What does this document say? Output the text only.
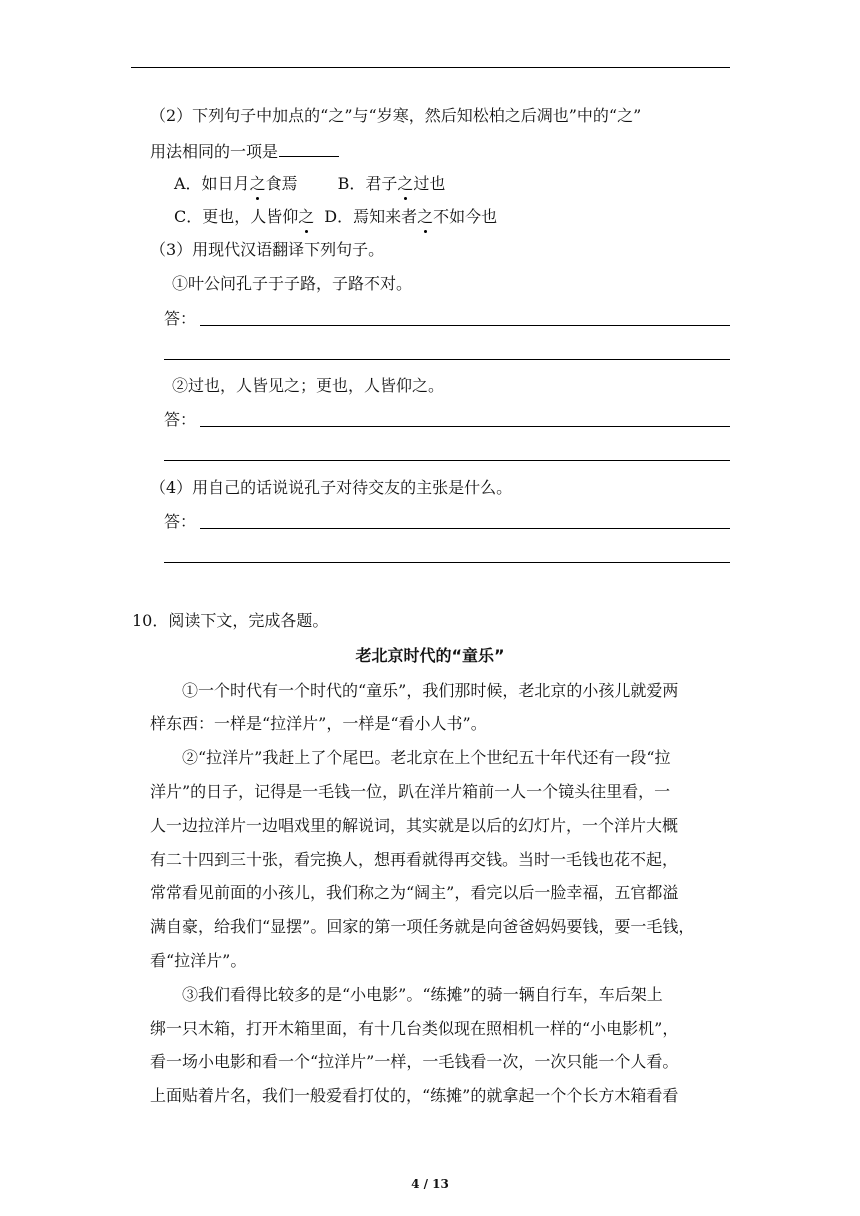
（2）下列句子中加点的“之”与“岁寒，然后知松柏之后凋也”中的“之”
用法相同的一项是
A．如日月之食焉	B．君子之过也
C．更也，人皆仰之 D．焉知来者之不如今也
（3）用现代汉语翻译下列句子。
①叶公问孔子于子路，子路不对。
答：
②过也，人皆见之；更也，人皆仰之。
答：
（4）用自己的话说说孔子对待交友的主张是什么。
答：
10．阅读下文，完成各题。
老北京时代的“童乐”
①一个时代有一个时代的“童乐”，我们那时候，老北京的小孩儿就爱两
样东西：一样是“拉洋片”，一样是“看小人书”。
②“拉洋片”我赶上了个尾巴。老北京在上个世纪五十年代还有一段“拉
洋片”的日子，记得是一毛钱一位，趴在洋片箱前一人一个镜头往里看，一
人一边拉洋片一边唱戏里的解说词，其实就是以后的幻灯片，一个洋片大概
有二十四到三十张，看完换人，想再看就得再交钱。当时一毛钱也花不起，
常常看见前面的小孩儿，我们称之为“阔主”，看完以后一脸幸福，五官都溢
满自豪，给我们“显摆”。回家的第一项任务就是向爸爸妈妈要钱，要一毛钱，
看“拉洋片”。
③我们看得比较多的是“小电影”。“练摊”的骑一辆自行车，车后架上
绑一只木箱，打开木箱里面，有十几台类似现在照相机一样的“小电影机”，
看一场小电影和看一个“拉洋片”一样，一毛钱看一次，一次只能一个人看。
上面贴着片名，我们一般爱看打仗的，“练摊”的就拿起一个个长方木箱看看
4 / 13
